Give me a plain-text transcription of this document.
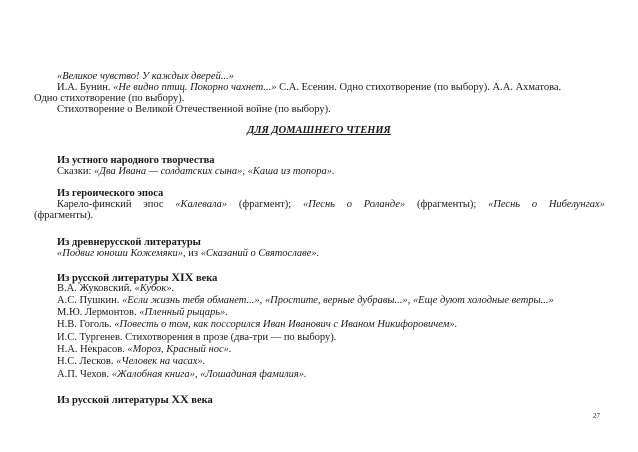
«Великое чувство! У каждых дверей...»
И.А. Бунин. «Не видно птиц. Покорно чахнет...» С.А. Есенин. Одно стихотворение (по выбору). А.А. Ахматова.
Одно стихотворение (по выбору).
Стихотворение о Великой Отечественной войне (по выбору).
ДЛЯ ДОМАШНЕГО ЧТЕНИЯ
Из устного народного творчества
Сказки: «Два Ивана — солдатских сына», «Каша из топора».
Из героического эпоса
Карело-финский эпос «Калевала» (фрагмент); «Песнь о Роланде» (фрагменты); «Песнь о Нибелунгах»
(фрагменты).
Из древнерусской литературы
«Подвиг юноши Кожемяки», из «Сказаний о Святославе».
Из русской литературы XIX века
В.А. Жуковский. «Кубок».
А.С. Пушкин. «Если жизнь тебя обманет...», «Простите, верные дубравы...», «Еще дуют холодные ветры...»
М.Ю. Лермонтов. «Пленный рыцарь».
Н.В. Гоголь. «Повесть о том, как поссорился Иван Иванович с Иваном Никифоровичем».
И.С. Тургенев. Стихотворения в прозе (два-три — по выбору).
Н.А. Некрасов. «Мороз, Красный нос».
Н.С. Лесков. «Человек на часах».
А.П. Чехов. «Жалобная книга», «Лошадиная фамилия».
Из русской литературы XX века
27
